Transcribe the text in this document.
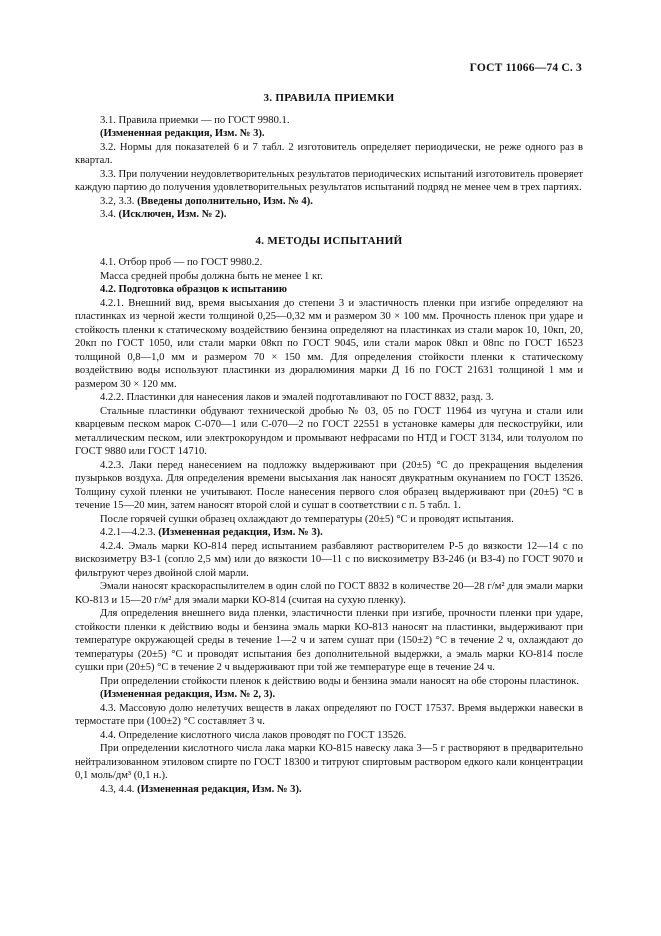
ГОСТ 11066—74 С. 3
3. ПРАВИЛА ПРИЕМКИ

3.1. Правила приемки — по ГОСТ 9980.1.

(Измененная редакция, Изм. № 3).

3.2. Нормы для показателей 6 и 7 табл. 2 изготовитель определяет периодически, не реже одного раз в квартал.

3.3. При получении неудовлетворительных результатов периодических испытаний изготовитель проверяет каждую партию до получения удовлетворительных результатов испытаний подряд не менее чем в трех партиях.

3.2, 3.3. (Введены дополнительно, Изм. № 4).

3.4. (Исключен, Изм. № 2).

4. МЕТОДЫ ИСПЫТАНИЙ

4.1. Отбор проб — по ГОСТ 9980.2.

Масса средней пробы должна быть не менее 1 кг.

4.2. Подготовка образцов к испытанию

4.2.1. Внешний вид, время высыхания до степени 3 и эластичность пленки при изгибе определяют на пластинках из черной жести толщиной 0,25—0,32 мм и размером 30 × 100 мм. Прочность пленок при ударе и стойкость пленки к статическому воздействию бензина определяют на пластинках из стали марок 10, 10кп, 20, 20кп по ГОСТ 1050, или стали марки 08кп по ГОСТ 9045, или стали марок 08кп и 08пс по ГОСТ 16523 толщиной 0,8—1,0 мм и размером 70 × 150 мм. Для определения стойкости пленки к статическому воздействию воды используют пластинки из дюралюминия марки Д 16 по ГОСТ 21631 толщиной 1 мм и размером 30 × 120 мм.

4.2.2. Пластинки для нанесения лаков и эмалей подготавливают по ГОСТ 8832, разд. 3.

Стальные пластинки обдувают технической дробью № 03, 05 по ГОСТ 11964 из чугуна и стали или кварцевым песком марок С-070—1 или С-070—2 по ГОСТ 22551 в установке камеры для пескоструйки, или металлическим песком, или электрокорундом и промывают нефрасами по НТД и ГОСТ 3134, или толуолом по ГОСТ 9880 или ГОСТ 14710.

4.2.3. Лаки перед нанесением на подложку выдерживают при (20±5) °С до прекращения выделения пузырьков воздуха. Для определения времени высыхания лак наносят двукратным окунанием по ГОСТ 13526. Толщину сухой пленки не учитывают. После нанесения первого слоя образец выдерживают при (20±5) °С в течение 15—20 мин, затем наносят второй слой и сушат в соответствии с п. 5 табл. 1.

После горячей сушки образец охлаждают до температуры (20±5) °С и проводят испытания.

4.2.1—4.2.3. (Измененная редакция, Изм. № 3).

4.2.4. Эмаль марки КО-814 перед испытанием разбавляют растворителем Р-5 до вязкости 12—14 с по вискозиметру ВЗ-1 (сопло 2,5 мм) или до вязкости 10—11 с по вискозиметру ВЗ-246 (и ВЗ-4) по ГОСТ 9070 и фильтруют через двойной слой марли.

Эмали наносят краскораспылителем в один слой по ГОСТ 8832 в количестве 20—28 г/м² для эмали марки КО-813 и 15—20 г/м² для эмали марки КО-814 (считая на сухую пленку).

Для определения внешнего вида пленки, эластичности пленки при изгибе, прочности пленки при ударе, стойкости пленки к действию воды и бензина эмаль марки КО-813 наносят на пластинки, выдерживают при температуре окружающей среды в течение 1—2 ч и затем сушат при (150±2) °С в течение 2 ч, охлаждают до температуры (20±5) °С и проводят испытания без дополнительной выдержки, а эмаль марки КО-814 после сушки при (20±5) °С в течение 2 ч выдерживают при той же температуре еще в течение 24 ч.

При определении стойкости пленок к действию воды и бензина эмали наносят на обе стороны пластинок.

(Измененная редакция, Изм. № 2, 3).

4.3. Массовую долю нелетучих веществ в лаках определяют по ГОСТ 17537. Время выдержки навески в термостате при (100±2) °С составляет 3 ч.

4.4. Определение кислотного числа лаков проводят по ГОСТ 13526.

При определении кислотного числа лака марки КО-815 навеску лака 3—5 г растворяют в предварительно нейтрализованном этиловом спирте по ГОСТ 18300 и титруют спиртовым раствором едкого кали концентрации 0,1 моль/дм³ (0,1 н.).

4.3, 4.4. (Измененная редакция, Изм. № 3).
